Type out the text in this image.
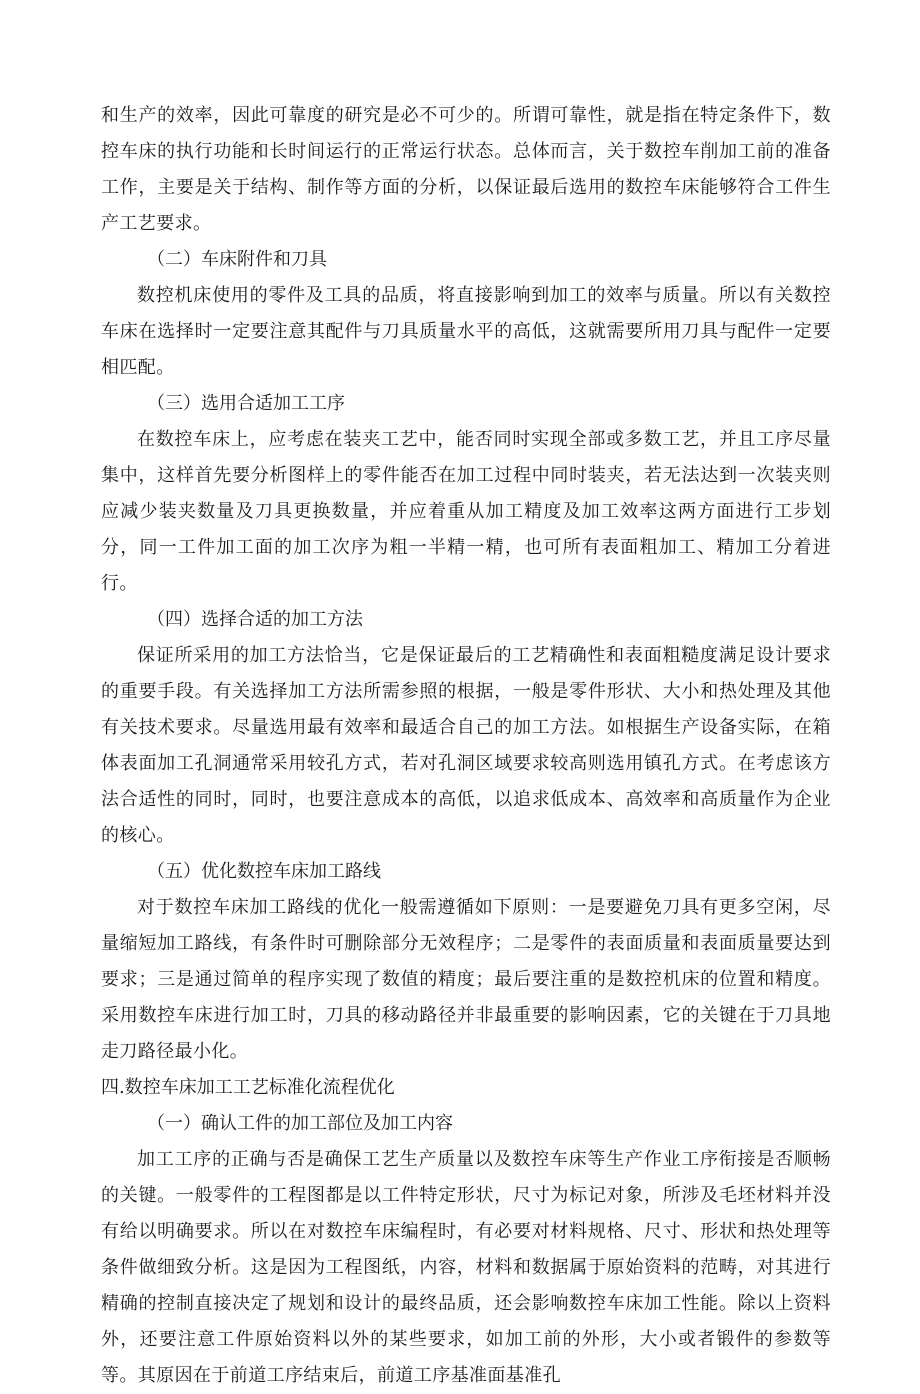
和生产的效率，因此可靠度的研究是必不可少的。所谓可靠性，就是指在特定条件下，数控车床的执行功能和长时间运行的正常运行状态。总体而言，关于数控车削加工前的准备工作，主要是关于结构、制作等方面的分析，以保证最后选用的数控车床能够符合工件生产工艺要求。

（二）车床附件和刀具

数控机床使用的零件及工具的品质，将直接影响到加工的效率与质量。所以有关数控车床在选择时一定要注意其配件与刀具质量水平的高低，这就需要所用刀具与配件一定要相匹配。

（三）选用合适加工工序

在数控车床上，应考虑在装夹工艺中，能否同时实现全部或多数工艺，并且工序尽量集中，这样首先要分析图样上的零件能否在加工过程中同时装夹，若无法达到一次装夹则应减少装夹数量及刀具更换数量，并应着重从加工精度及加工效率这两方面进行工步划分，同一工件加工面的加工次序为粗一半精一精，也可所有表面粗加工、精加工分着进行。

（四）选择合适的加工方法

保证所采用的加工方法恰当，它是保证最后的工艺精确性和表面粗糙度满足设计要求的重要手段。有关选择加工方法所需参照的根据，一般是零件形状、大小和热处理及其他有关技术要求。尽量选用最有效率和最适合自己的加工方法。如根据生产设备实际，在箱体表面加工孔洞通常采用较孔方式，若对孔洞区域要求较高则选用镇孔方式。在考虑该方法合适性的同时，同时，也要注意成本的高低，以追求低成本、高效率和高质量作为企业的核心。

（五）优化数控车床加工路线

对于数控车床加工路线的优化一般需遵循如下原则：一是要避免刀具有更多空闲，尽量缩短加工路线，有条件时可删除部分无效程序；二是零件的表面质量和表面质量要达到要求；三是通过简单的程序实现了数值的精度；最后要注重的是数控机床的位置和精度。采用数控车床进行加工时，刀具的移动路径并非最重要的影响因素，它的关键在于刀具地走刀路径最小化。

四.数控车床加工工艺标准化流程优化

（一）确认工件的加工部位及加工内容

加工工序的正确与否是确保工艺生产质量以及数控车床等生产作业工序衔接是否顺畅的关键。一般零件的工程图都是以工件特定形状，尺寸为标记对象，所涉及毛坯材料并没有给以明确要求。所以在对数控车床编程时，有必要对材料规格、尺寸、形状和热处理等条件做细致分析。这是因为工程图纸，内容，材料和数据属于原始资料的范畴，对其进行精确的控制直接决定了规划和设计的最终品质，还会影响数控车床加工性能。除以上资料外，还要注意工件原始资料以外的某些要求，如加工前的外形，大小或者锻件的参数等等。其原因在于前道工序结束后，前道工序基准面基准孔
